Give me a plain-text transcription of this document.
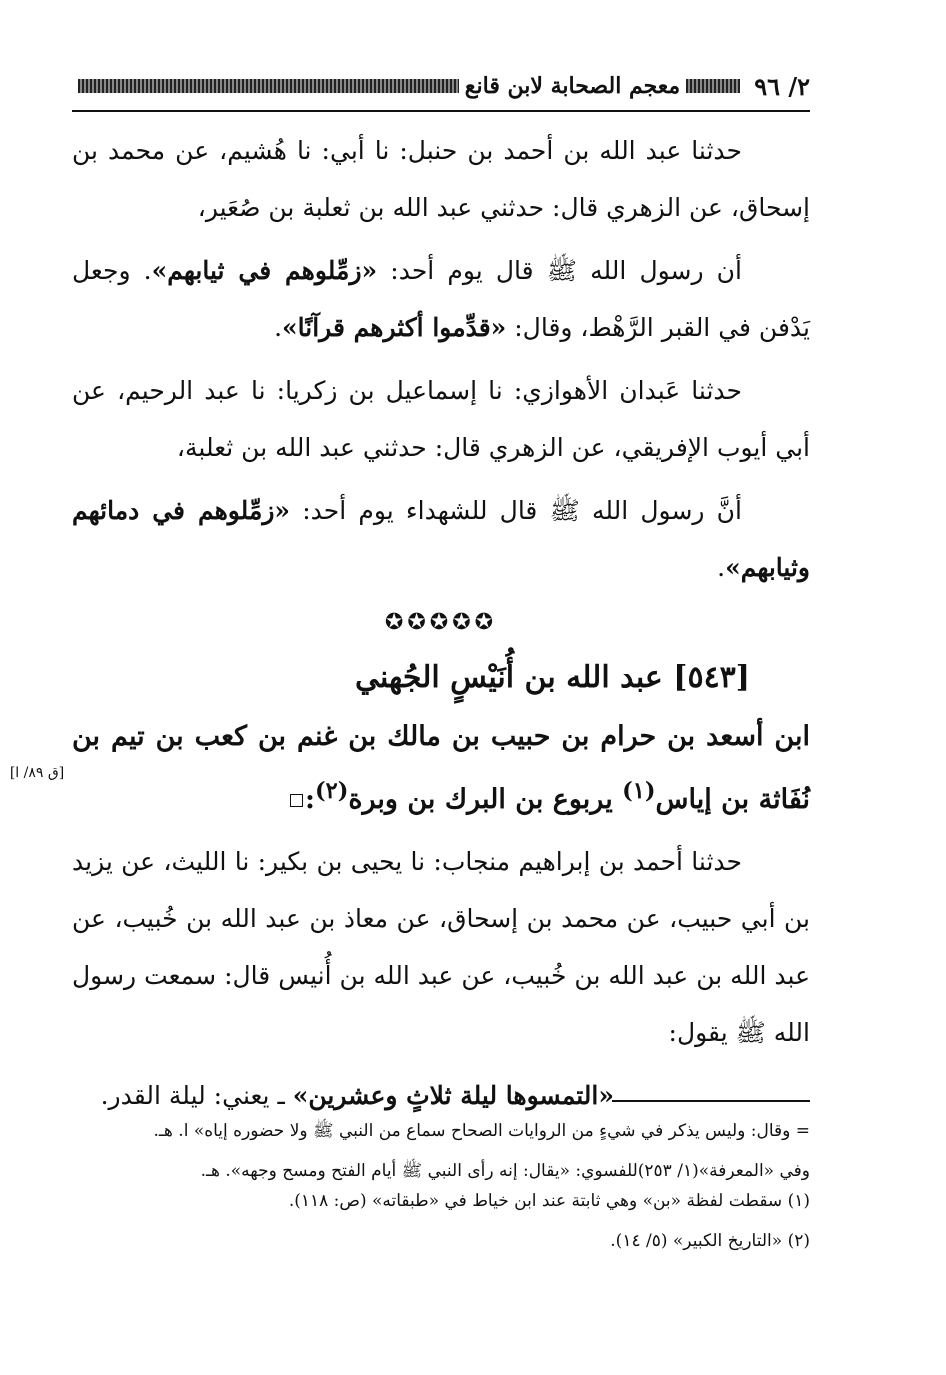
٢/ ٩٦
معجم الصحابة لابن قانع

حدثنا عبد الله بن أحمد بن حنبل: نا أبي: نا هُشيم، عن محمد بن إسحاق، عن الزهري قال: حدثني عبد الله بن ثعلبة بن صُعَير،

أن رسول الله ﷺ قال يوم أحد: «زمِّلوهم في ثيابهم». وجعل يَدْفن في القبر الرَّهْط، وقال: «قدِّموا أكثرهم قرآنًا».

حدثنا عَبدان الأهوازي: نا إسماعيل بن زكريا: نا عبد الرحيم، عن أبي أيوب الإفريقي، عن الزهري قال: حدثني عبد الله بن ثعلبة،

أنَّ رسول الله ﷺ قال للشهداء يوم أحد: «زمِّلوهم في دمائهم وثيابهم».

✪✪✪✪✪
[٥٤٣] عبد الله بن أُنَيْسٍ الجُهني

ابن أسعد بن حرام بن حبيب بن مالك بن غنم بن كعب بن تيم بن نُفَاثة بن إياس$^{(١)}$ يربوع بن البرك بن وبرة$^{(٢)}$:

حدثنا أحمد بن إبراهيم منجاب: نا يحيى بن بكير: نا الليث، عن يزيد بن أبي حبيب، عن محمد بن إسحاق، عن معاذ بن عبد الله بن خُبيب، عن عبد الله بن عبد الله بن خُبيب، عن عبد الله بن أُنيس قال: سمعت رسول الله ﷺ يقول:

«التمسوها ليلة ثلاثٍ وعشرين» ـ يعني: ليلة القدر.

[ق ٨٩/ ا]

= وقال: وليس يذكر في شيءٍ من الروايات الصحاح سماع من النبي ﷺ ولا حضوره إياه» ا. هـ.

وفي «المعرفة»(١/ ٢٥٣)للفسوي: «يقال: إنه رأى النبي ﷺ أيام الفتح ومسح وجهه». هـ.

(١) سقطت لفظة «بن» وهي ثابتة عند ابن خياط في «طبقاته» (ص: ١١٨).

(٢) «التاريخ الكبير» (٥/ ١٤).
